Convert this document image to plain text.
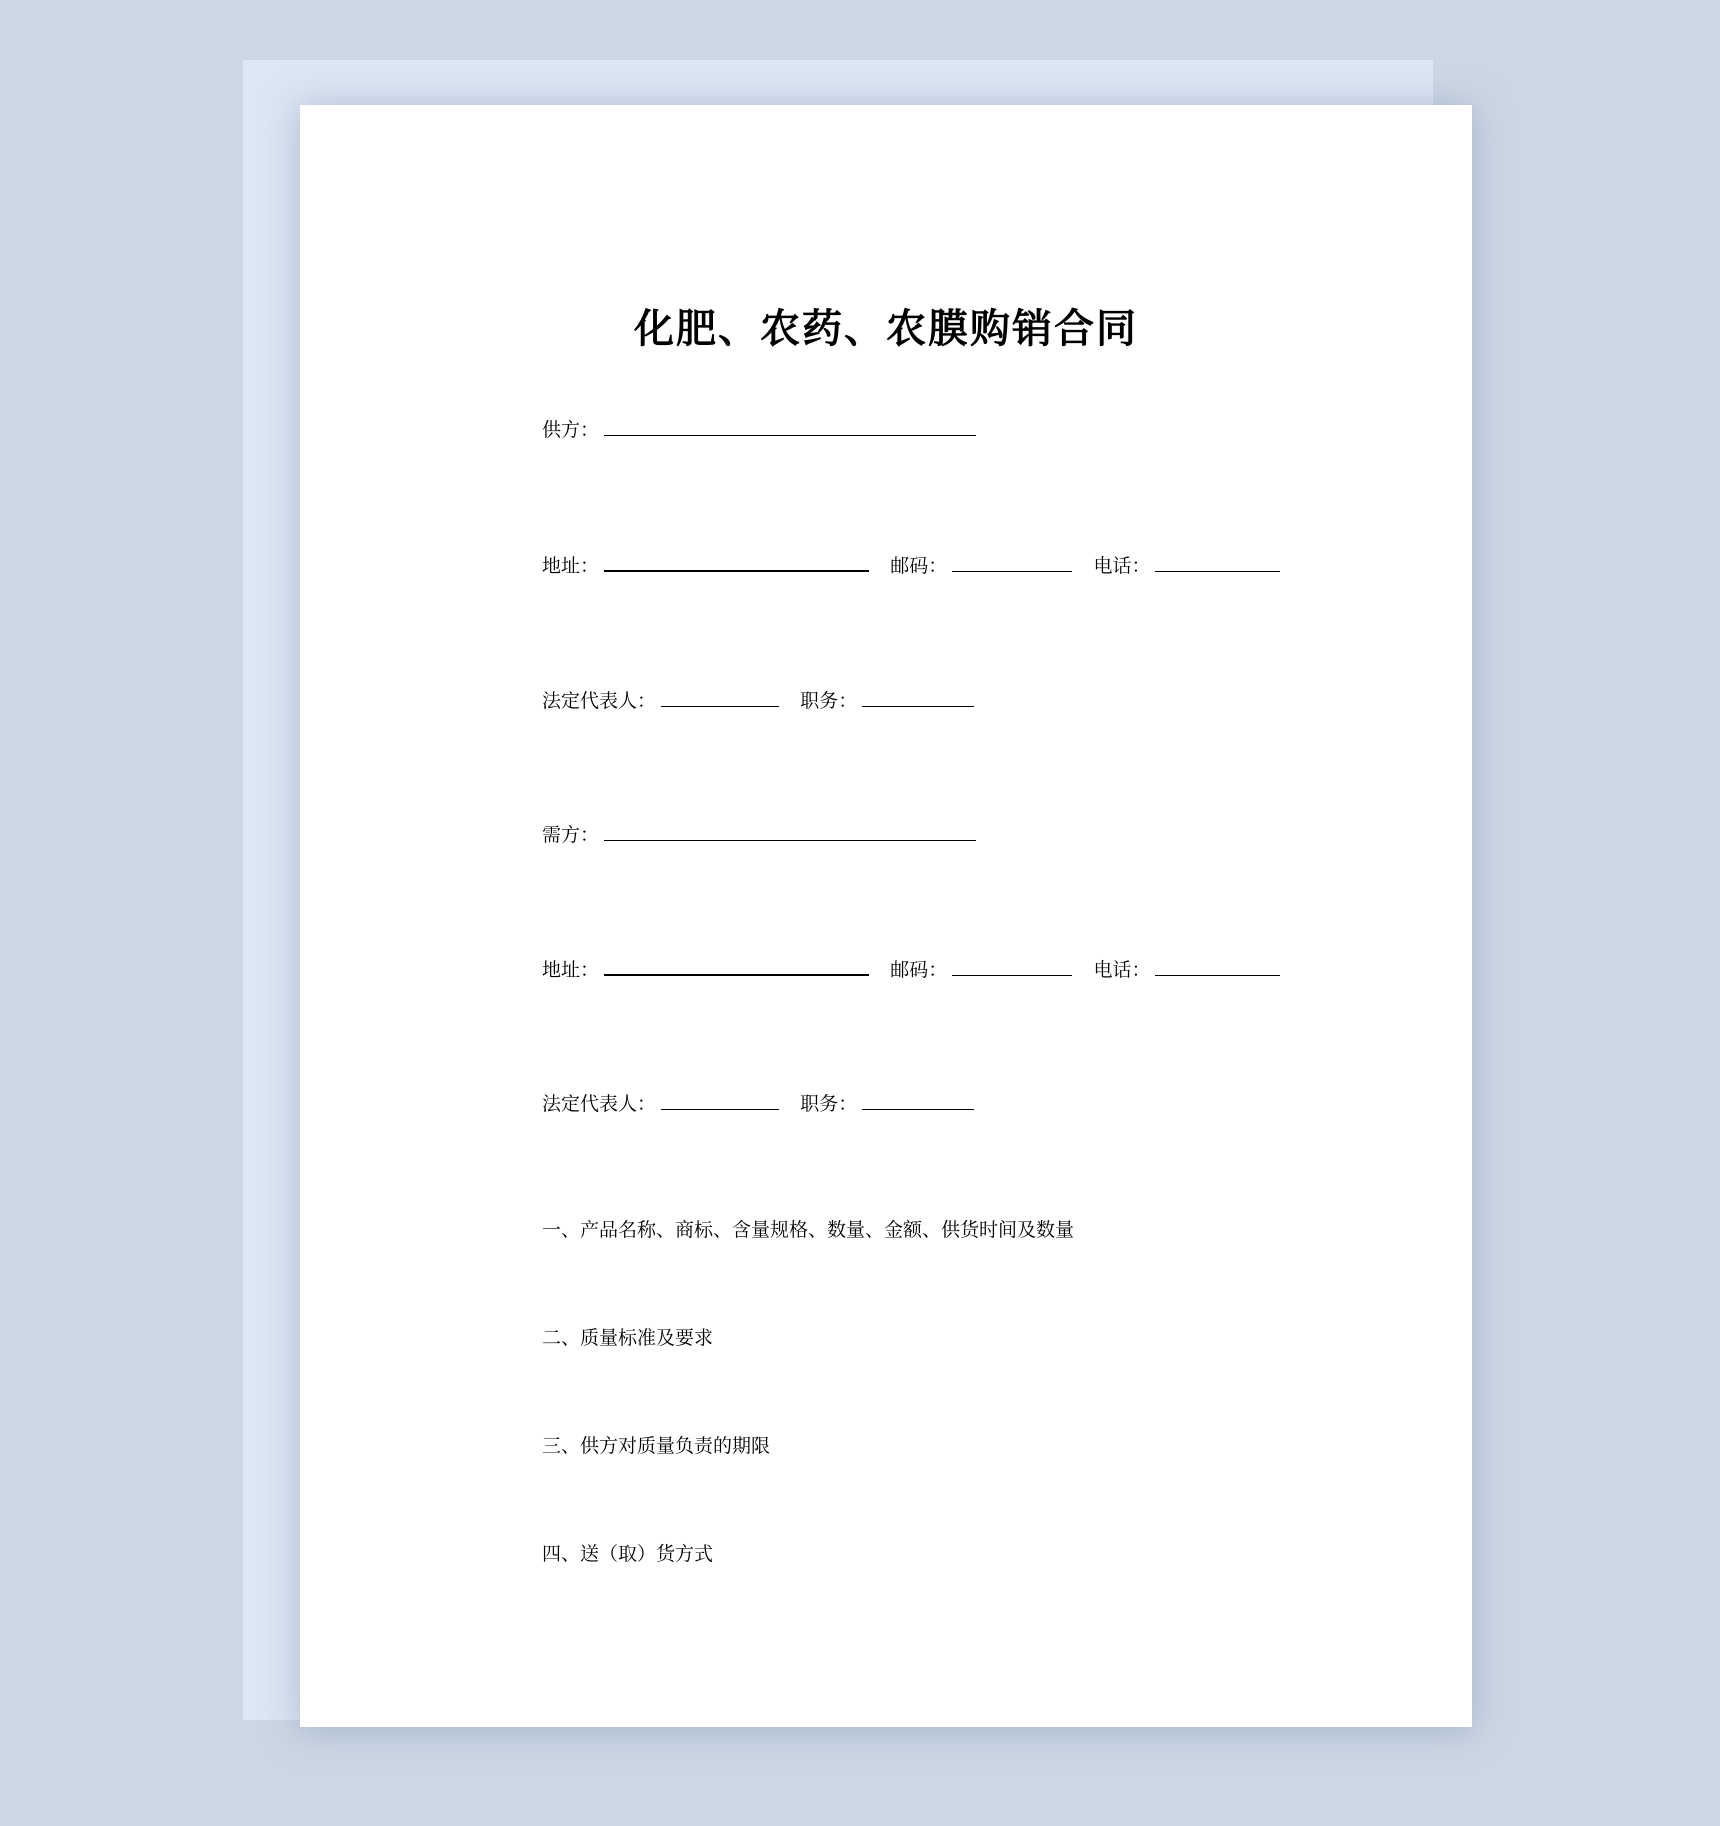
化肥、农药、农膜购销合同
供方：
地址：	邮码：	电话：
法定代表人：	职务：
需方：
地址：	邮码：	电话：
法定代表人：	职务：
一、产品名称、商标、含量规格、数量、金额、供货时间及数量
二、质量标准及要求
三、供方对质量负责的期限
四、送（取）货方式
